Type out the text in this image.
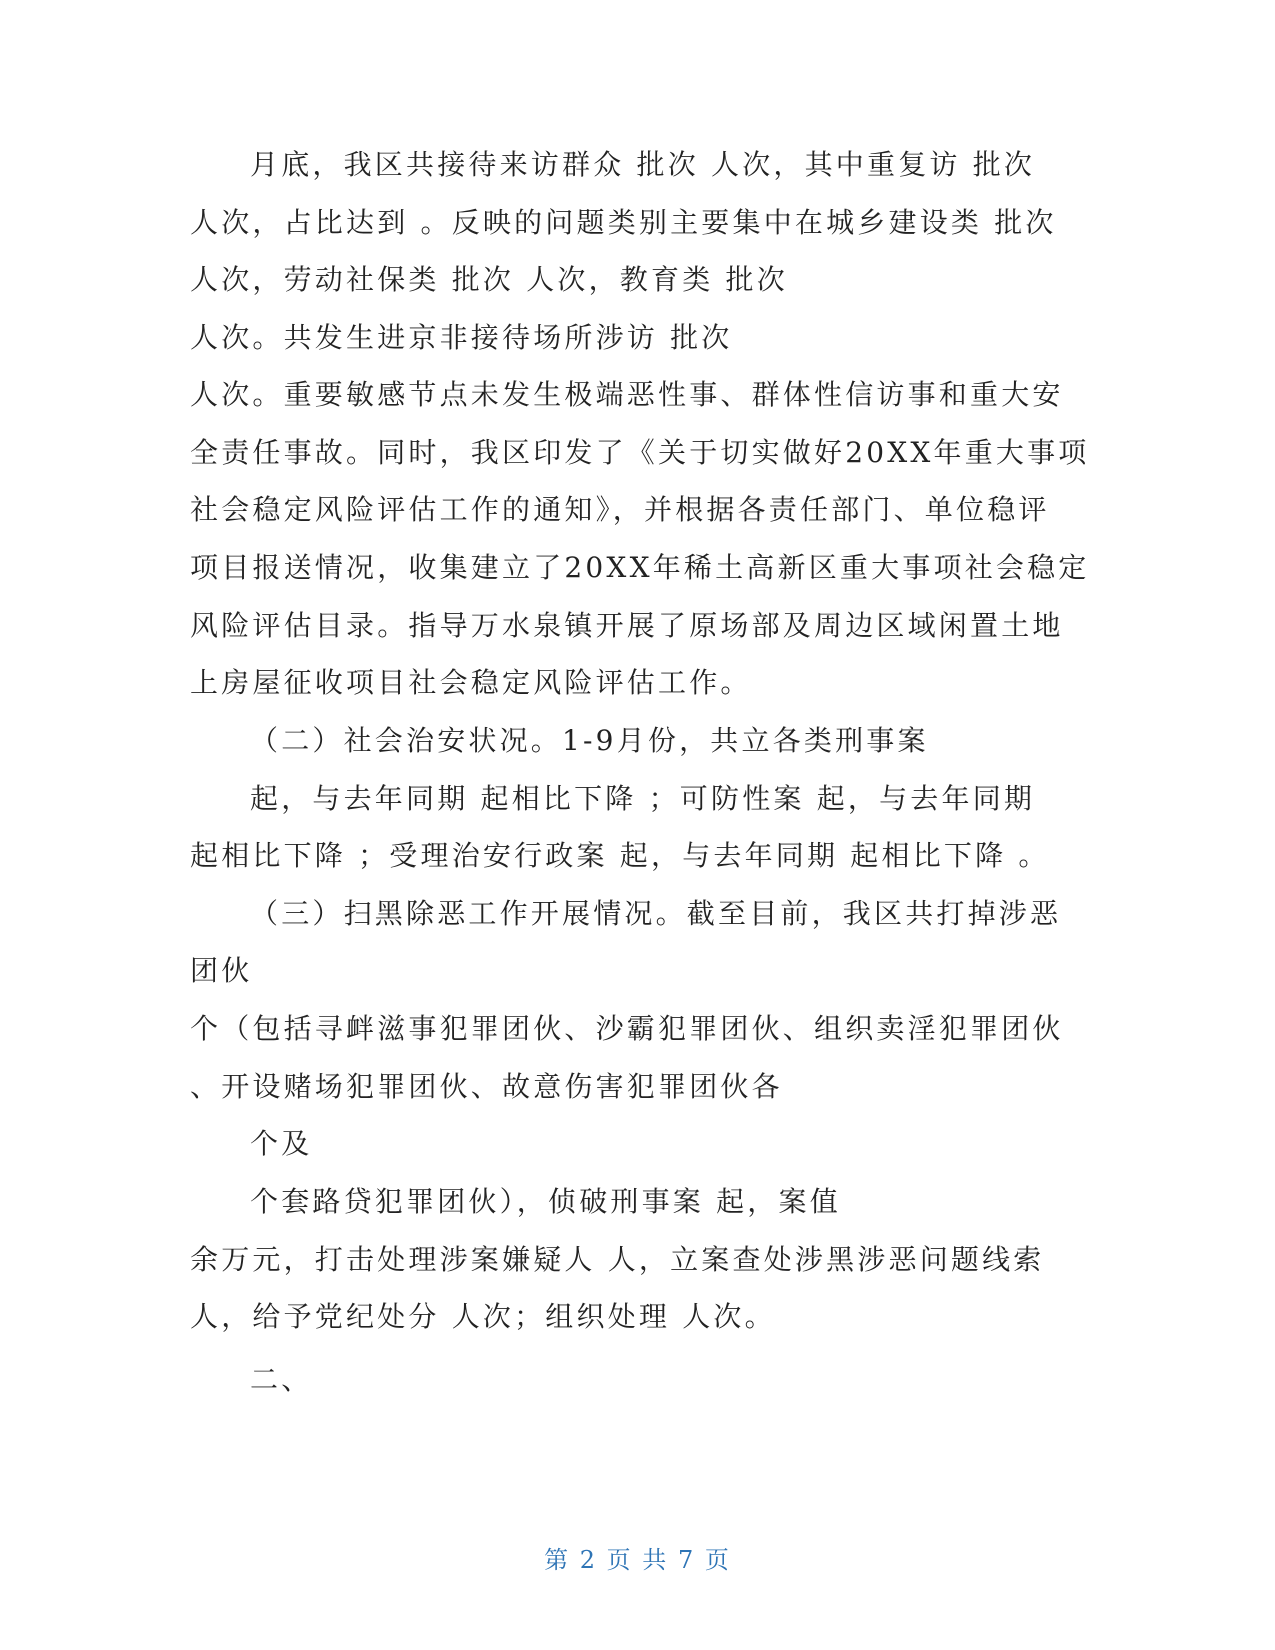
月底，我区共接待来访群众 批次 人次，其中重复访 批次
人次，占比达到 。反映的问题类别主要集中在城乡建设类 批次
人次，劳动社保类 批次 人次，教育类 批次
人次。共发生进京非接待场所涉访 批次
人次。重要敏感节点未发生极端恶性事、群体性信访事和重大安
全责任事故。同时，我区印发了《关于切实做好20XX年重大事项
社会稳定风险评估工作的通知》，并根据各责任部门、单位稳评
项目报送情况，收集建立了20XX年稀土高新区重大事项社会稳定
风险评估目录。指导万水泉镇开展了原场部及周边区域闲置土地
上房屋征收项目社会稳定风险评估工作。
（二）社会治安状况。1-9月份，共立各类刑事案
起，与去年同期 起相比下降 ；可防性案 起，与去年同期
起相比下降 ；受理治安行政案 起，与去年同期 起相比下降 。
（三）扫黑除恶工作开展情况。截至目前，我区共打掉涉恶
团伙
个（包括寻衅滋事犯罪团伙、沙霸犯罪团伙、组织卖淫犯罪团伙
、开设赌场犯罪团伙、故意伤害犯罪团伙各
个及
个套路贷犯罪团伙），侦破刑事案 起，案值
余万元，打击处理涉案嫌疑人 人，立案查处涉黑涉恶问题线索
人，给予党纪处分 人次；组织处理 人次。
二、
第 2 页 共 7 页
